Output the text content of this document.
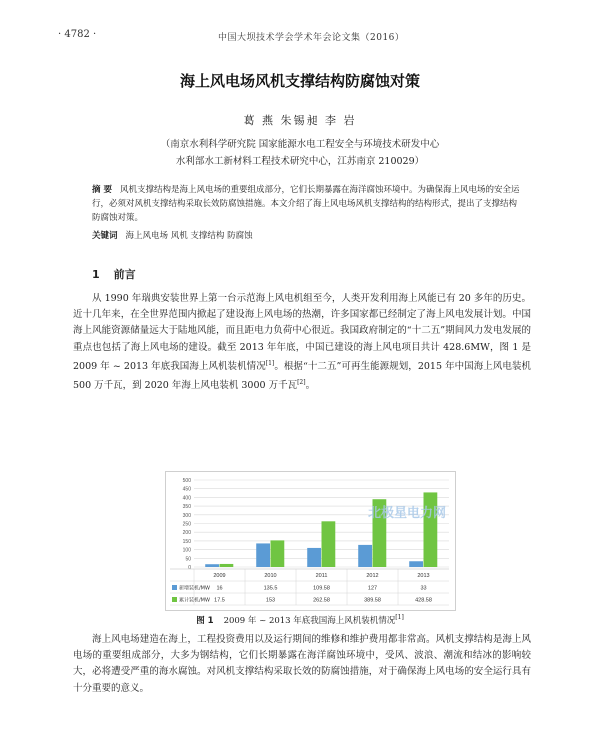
· 4782 ·	中国大坝技术学会学术年会论文集（2016）
海上风电场风机支撑结构防腐蚀对策
葛 燕 朱锡昶 李 岩
（南京水利科学研究院 国家能源水电工程安全与环境技术研发中心
水利部水工新材料工程技术研究中心，江苏南京 210029）
摘 要 风机支撑结构是海上风电场的重要组成部分，它们长期暴露在海洋腐蚀环境中。为确保海上风电场的安全运行，必须对风机支撑结构采取长效防腐蚀措施。本文介绍了海上风电场风机支撑结构的结构形式，提出了支撑结构防腐蚀对策。
关键词 海上风电场 风机 支撑结构 防腐蚀
1 前言
从 1990 年瑞典安装世界上第一台示范海上风电机组至今，人类开发利用海上风能已有 20 多年的历史。近十几年来，在全世界范围内掀起了建设海上风电场的热潮，许多国家都已经制定了海上风电发展计划。中国海上风能资源储量远大于陆地风能，而且距电力负荷中心很近。我国政府制定的“十二五”期间风力发电发展的重点也包括了海上风电场的建设。截至 2013 年年底，中国已建设的海上风电项目共计 428.6MW，图 1 是 2009 年 ~ 2013 年底我国海上风机装机情况[1]。根据“十二五”可再生能源规划，2015 年中国海上风电装机 500 万千瓦，到 2020 年海上风电装机 3000 万千瓦[2]。
0
50
100
150
200
250
300
350
400
450
500
2009	2010	2011	2012	2013
新增装机/MW 16	135.5	109.58	127	33
累计装机/MW 17.5	153	262.58	389.58	428.58
北极星电力网
图 1 2009 年 ~ 2013 年底我国海上风机装机情况[1]
海上风电场建造在海上，工程投资费用以及运行期间的维修和维护费用都非常高。风机支撑结构是海上风电场的重要组成部分，大多为钢结构，它们长期暴露在海洋腐蚀环境中，受风、波浪、潮流和结冰的影响较大，必将遭受严重的海水腐蚀。对风机支撑结构采取长效的防腐蚀措施，对于确保海上风电场的安全运行具有十分重要的意义。
